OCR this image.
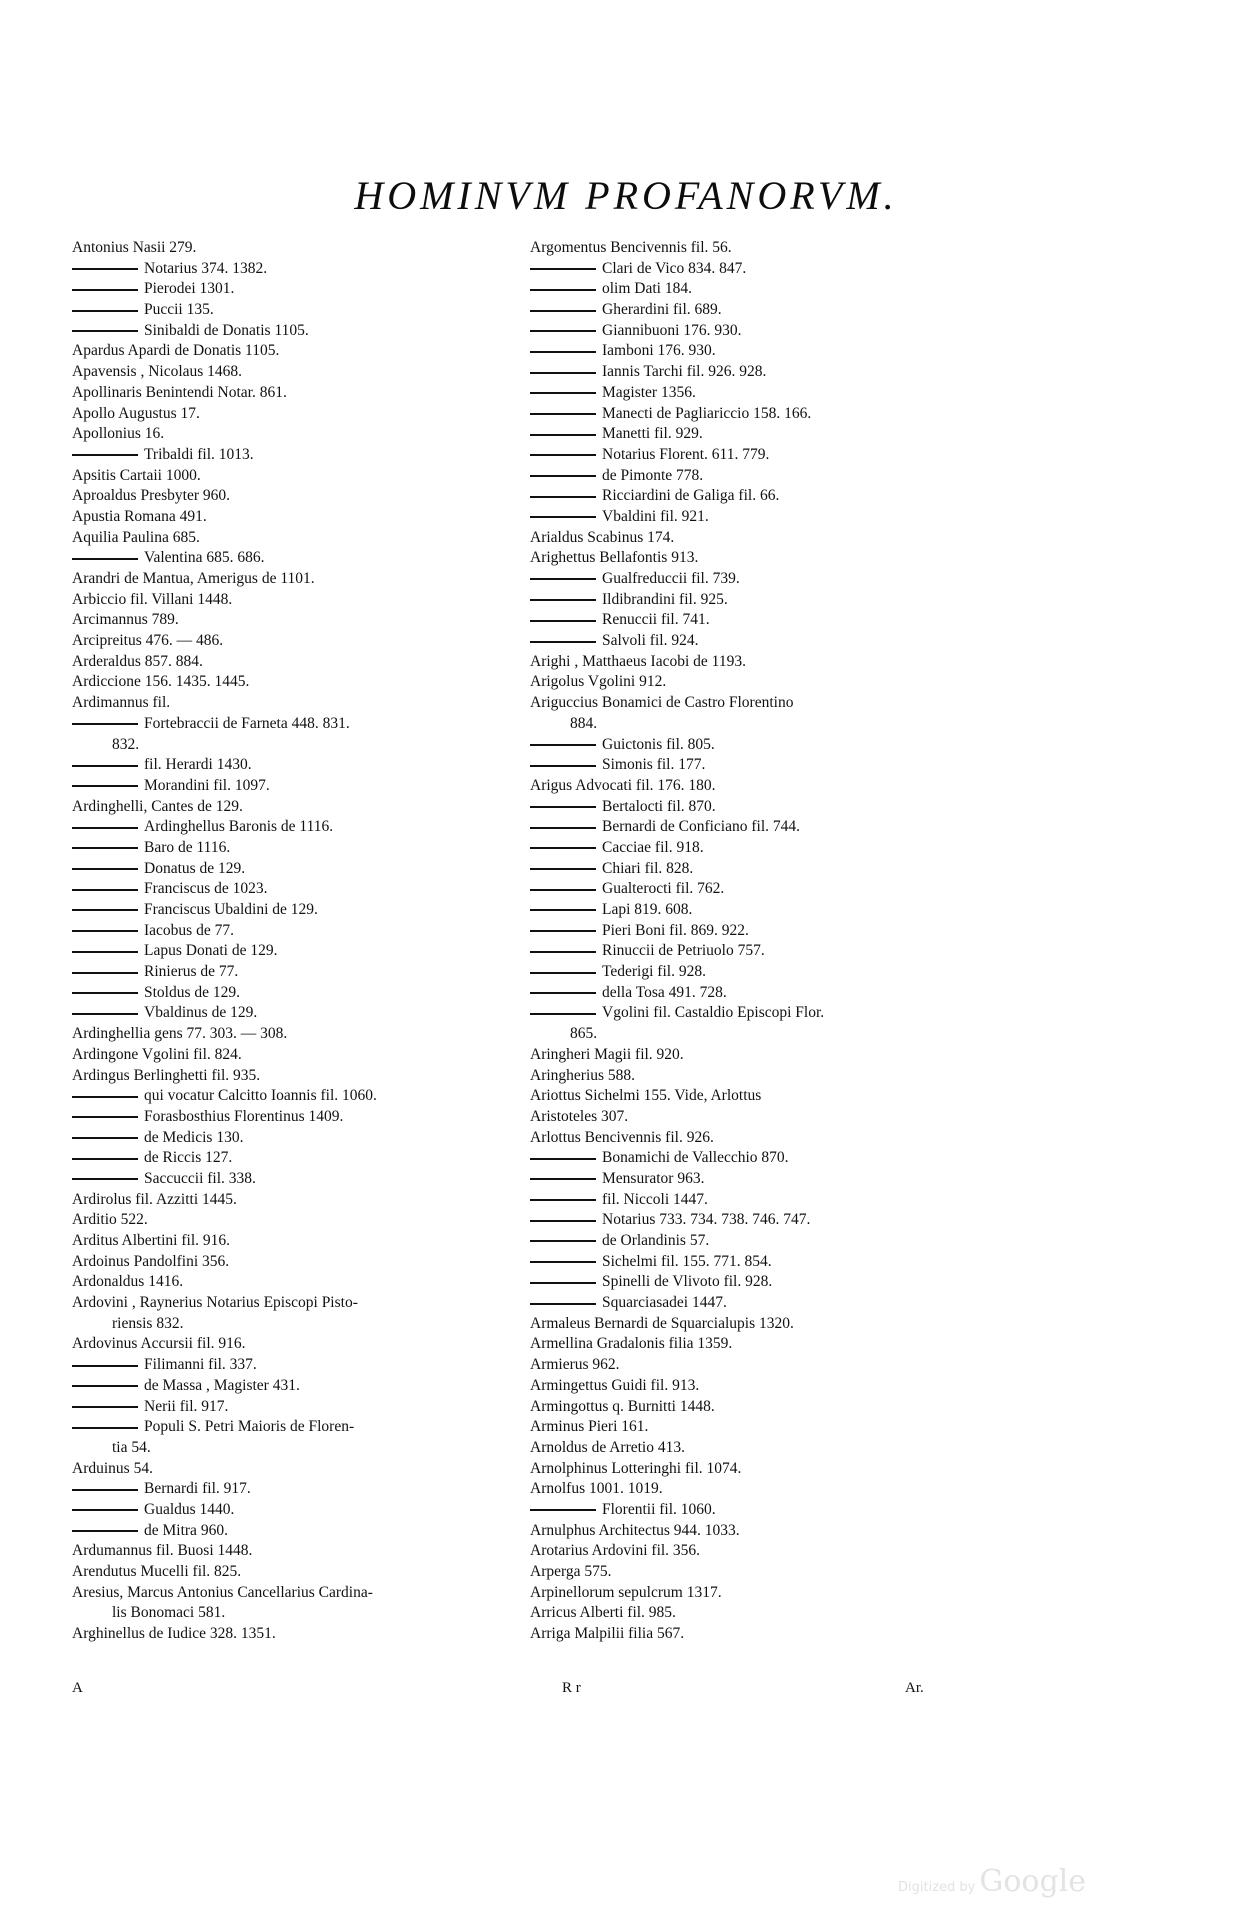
HOMINVM PROFANORVM.
Antonius Nasii 279.
Notarius 374. 1382.
Pierodei 1301.
Puccii 135.
Sinibaldi de Donatis 1105.
Apardus Apardi de Donatis 1105.
Apavensis , Nicolaus 1468.
Apollinaris Benintendi Notar. 861.
Apollo Augustus 17.
Apollonius 16.
Tribaldi fil. 1013.
Apsitis Cartaii 1000.
Aproaldus Presbyter 960.
Apustia Romana 491.
Aquilia Paulina 685.
Valentina 685. 686.
Arandri de Mantua, Amerigus de 1101.
Arbiccio fil. Villani 1448.
Arcimannus 789.
Arcipreitus 476. — 486.
Arderaldus 857. 884.
Ardiccione 156. 1435. 1445.
Ardimannus fil.
Fortebraccii de Farneta 448. 831.
832.
fil. Herardi 1430.
Morandini fil. 1097.
Ardinghelli, Cantes de 129.
Ardinghellus Baronis de 1116.
Baro de 1116.
Donatus de 129.
Franciscus de 1023.
Franciscus Ubaldini de 129.
Iacobus de 77.
Lapus Donati de 129.
Rinierus de 77.
Stoldus de 129.
Vbaldinus de 129.
Ardinghellia gens 77. 303. — 308.
Ardingone Vgolini fil. 824.
Ardingus Berlinghetti fil. 935.
qui vocatur Calcitto Ioannis fil. 1060.
Forasbosthius Florentinus 1409.
de Medicis 130.
de Riccis 127.
Saccuccii fil. 338.
Ardirolus fil. Azzitti 1445.
Arditio 522.
Arditus Albertini fil. 916.
Ardoinus Pandolfini 356.
Ardonaldus 1416.
Ardovini , Raynerius Notarius Episcopi Pisto-
riensis 832.
Ardovinus Accursii fil. 916.
Filimanni fil. 337.
de Massa , Magister 431.
Nerii fil. 917.
Populi S. Petri Maioris de Floren-
tia 54.
Arduinus 54.
Bernardi fil. 917.
Gualdus 1440.
de Mitra 960.
Ardumannus fil. Buosi 1448.
Arendutus Mucelli fil. 825.
Aresius, Marcus Antonius Cancellarius Cardina-
lis Bonomaci 581.
Arghinellus de Iudice 328. 1351.
Argomentus Bencivennis fil. 56.
Clari de Vico 834. 847.
olim Dati 184.
Gherardini fil. 689.
Giannibuoni 176. 930.
Iamboni 176. 930.
Iannis Tarchi fil. 926. 928.
Magister 1356.
Manecti de Pagliariccio 158. 166.
Manetti fil. 929.
Notarius Florent. 611. 779.
de Pimonte 778.
Ricciardini de Galiga fil. 66.
Vbaldini fil. 921.
Arialdus Scabinus 174.
Arighettus Bellafontis 913.
Gualfreduccii fil. 739.
Ildibrandini fil. 925.
Renuccii fil. 741.
Salvoli fil. 924.
Arighi , Matthaeus Iacobi de 1193.
Arigolus Vgolini 912.
Ariguccius Bonamici de Castro Florentino
884.
Guictonis fil. 805.
Simonis fil. 177.
Arigus Advocati fil. 176. 180.
Bertalocti fil. 870.
Bernardi de Conficiano fil. 744.
Cacciae fil. 918.
Chiari fil. 828.
Gualterocti fil. 762.
Lapi 819. 608.
Pieri Boni fil. 869. 922.
Rinuccii de Petriuolo 757.
Tederigi fil. 928.
della Tosa 491. 728.
Vgolini fil. Castaldio Episcopi Flor.
865.
Aringheri Magii fil. 920.
Aringherius 588.
Ariottus Sichelmi 155. Vide, Arlottus
Aristoteles 307.
Arlottus Bencivennis fil. 926.
Bonamichi de Vallecchio 870.
Mensurator 963.
fil. Niccoli 1447.
Notarius 733. 734. 738. 746. 747.
de Orlandinis 57.
Sichelmi fil. 155. 771. 854.
Spinelli de Vlivoto fil. 928.
Squarciasadei 1447.
Armaleus Bernardi de Squarcialupis 1320.
Armellina Gradalonis filia 1359.
Armierus 962.
Armingettus Guidi fil. 913.
Armingottus q. Burnitti 1448.
Arminus Pieri 161.
Arnoldus de Arretio 413.
Arnolphinus Lotteringhi fil. 1074.
Arnolfus 1001. 1019.
Florentii fil. 1060.
Arnulphus Architectus 944. 1033.
Arotarius Ardovini fil. 356.
Arperga 575.
Arpinellorum sepulcrum 1317.
Arricus Alberti fil. 985.
Arriga Malpilii filia 567.
A	R r	Ar.
Digitized by Google
